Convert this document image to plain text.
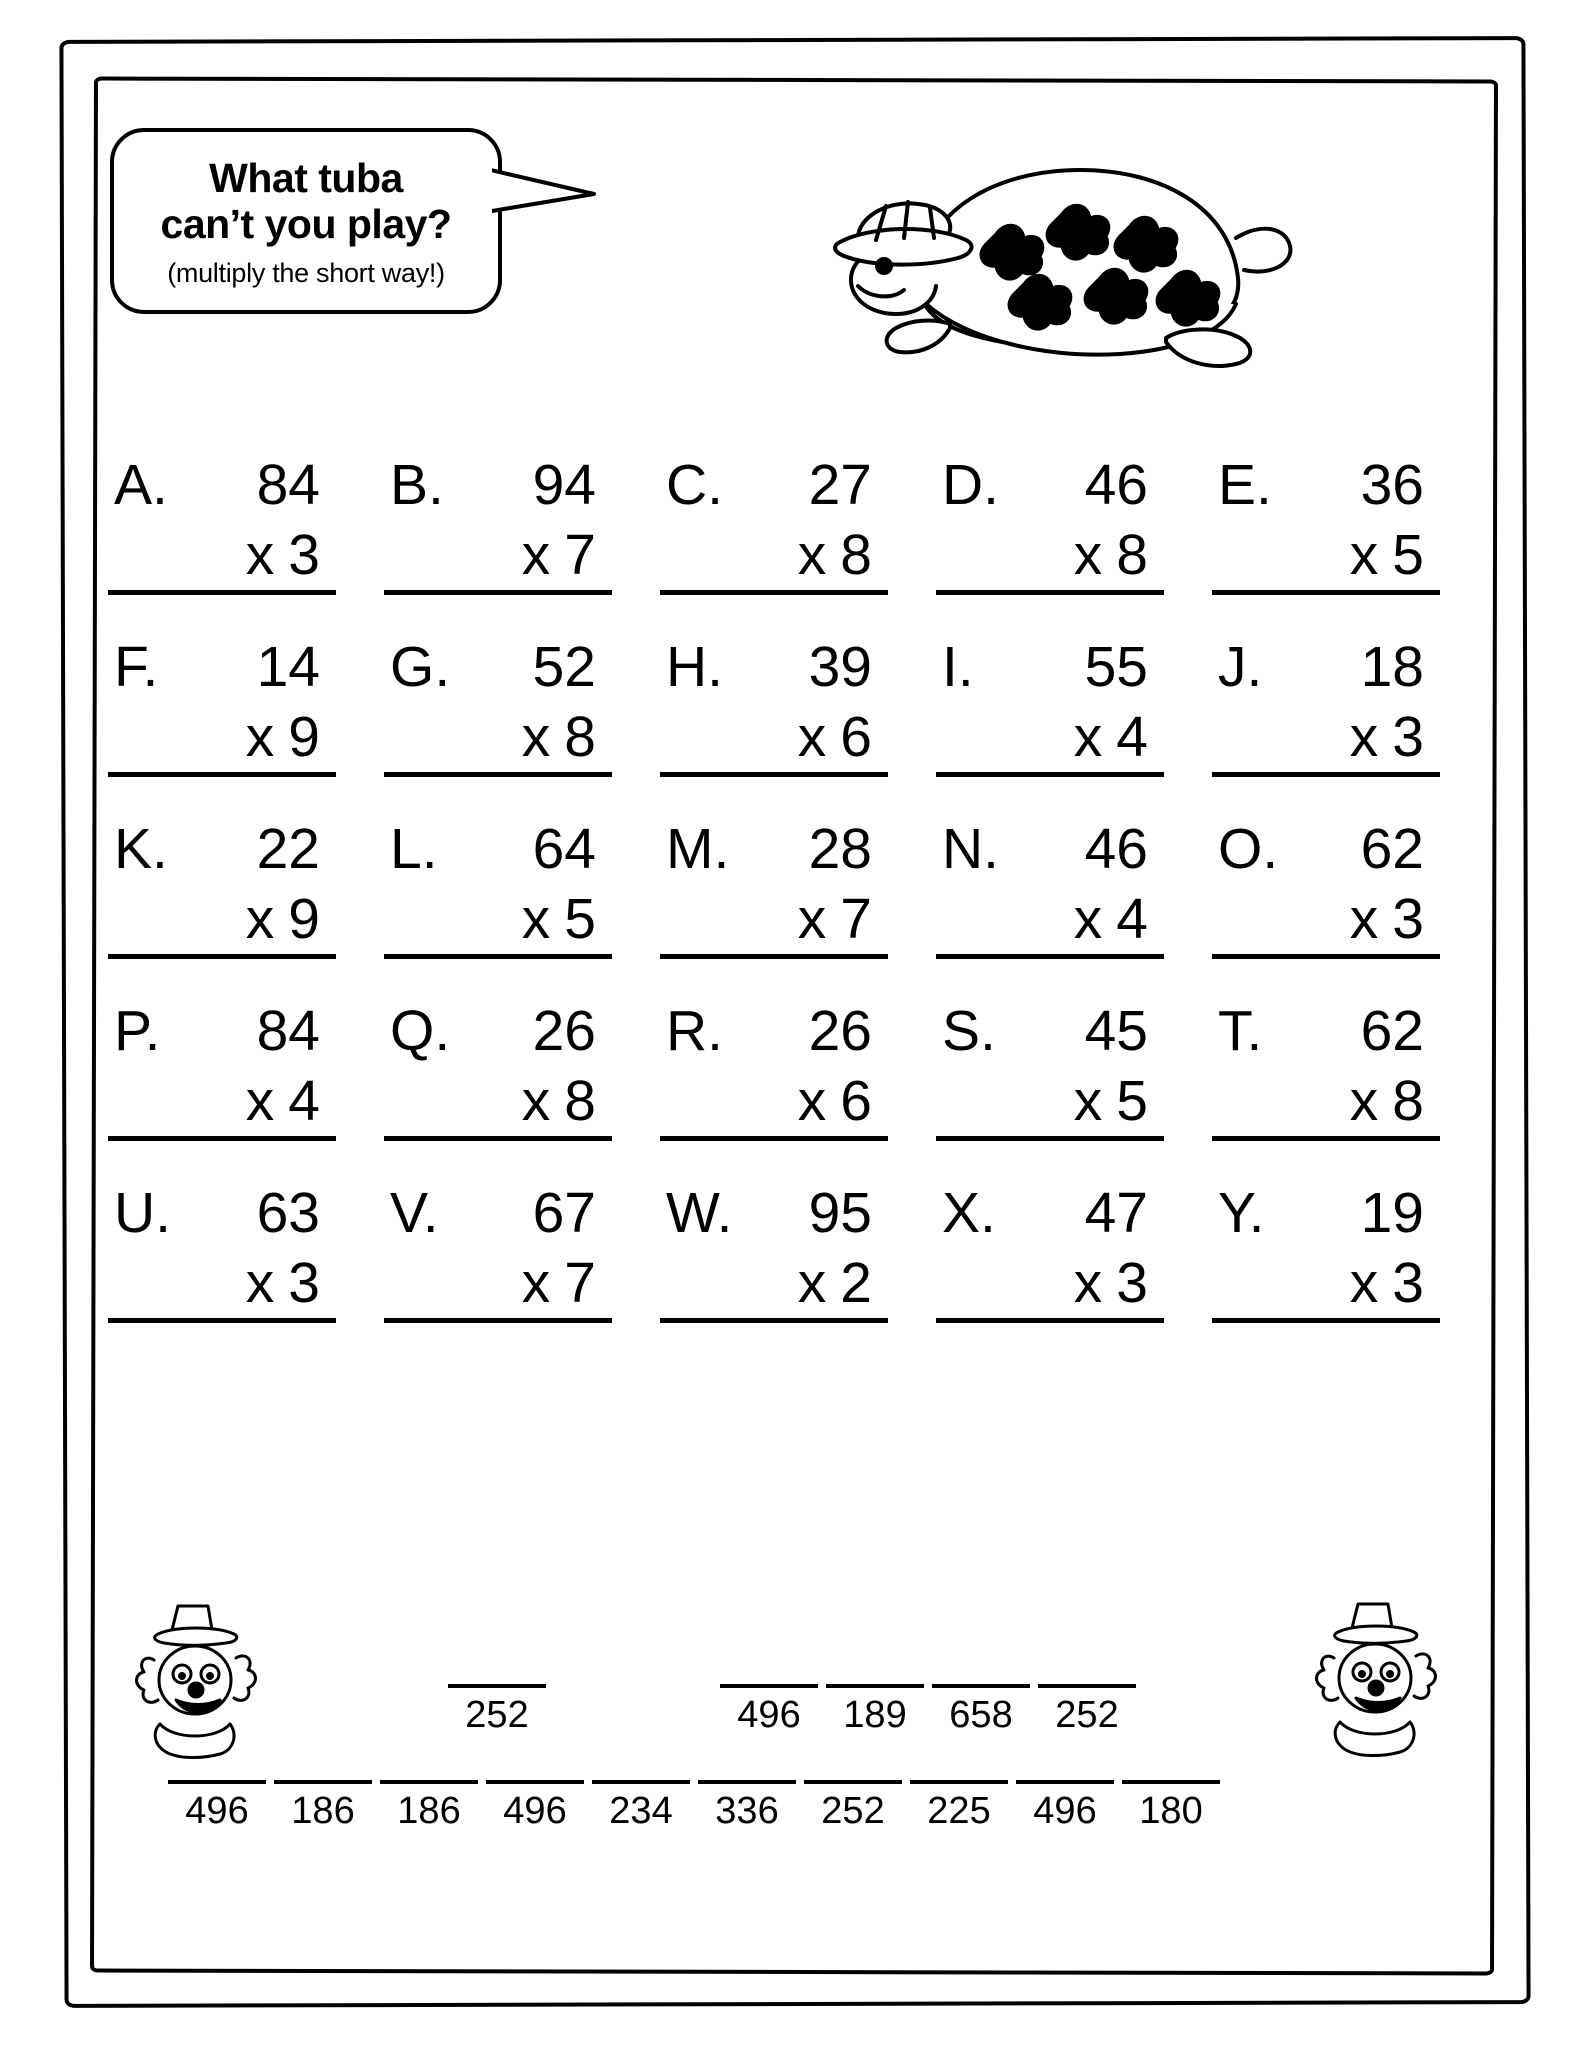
What tuba
can’t you play?
(multiply the short way!)
A.	84
x 3
B.	94
x 7
C.	27
x 8
D.	46
x 8
E.	36
x 5
F.	14
x 9
G.	52
x 8
H.	39
x 6
I.	55
x 4
J.	18
x 3
K.	22
x 9
L.	64
x 5
M.	28
x 7
N.	46
x 4
O.	62
x 3
P.	84
x 4
Q.	26
x 8
R.	26
x 6
S.	45
x 5
T.	62
x 8
U.	63
x 3
V.	67
x 7
W.	95
x 2
X.	47
x 3
Y.	19
x 3
252	496	189	658	252
496	186	186	496	234	336	252	225	496	180
